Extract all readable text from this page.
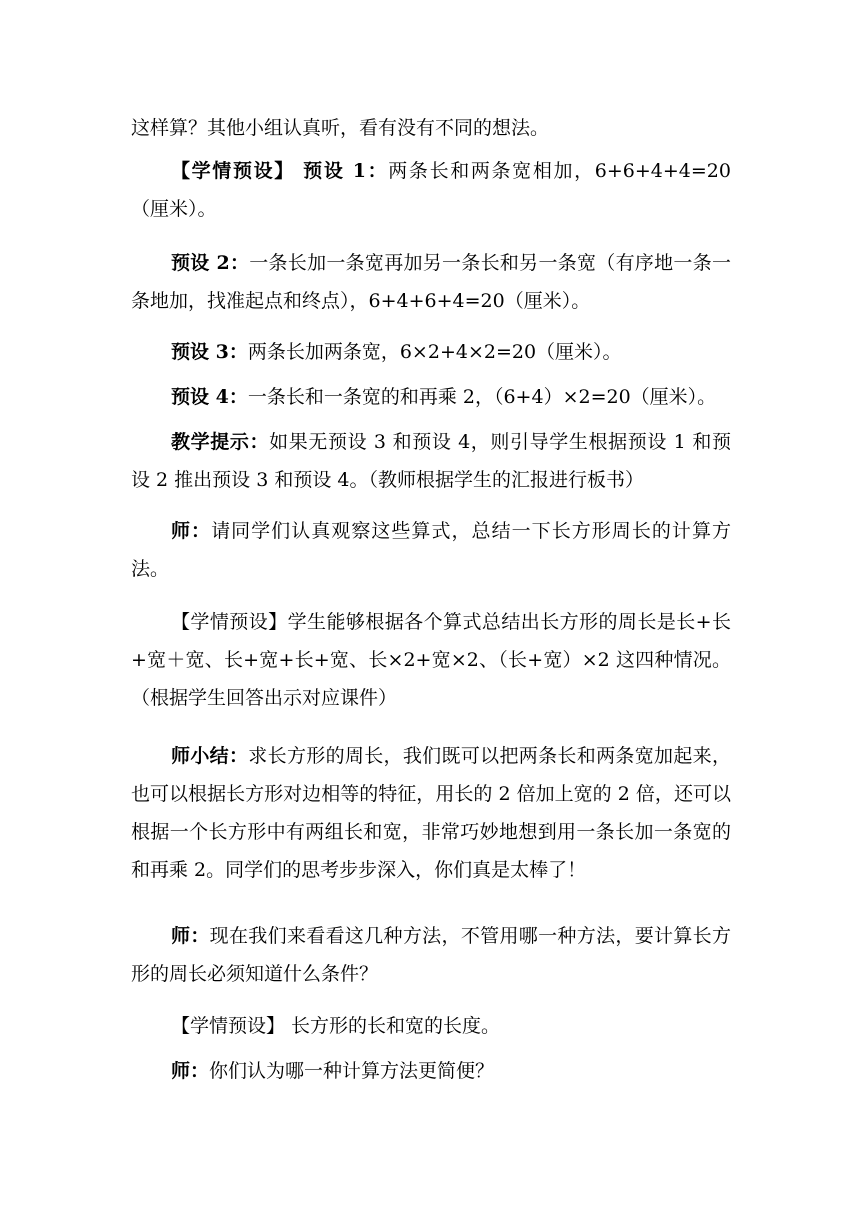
这样算？其他小组认真听，看有没有不同的想法。

【学情预设】 预设 1：两条长和两条宽相加，6+6+4+4=20（厘米）。

预设 2：一条长加一条宽再加另一条长和另一条宽（有序地一条一条地加，找准起点和终点），6+4+6+4=20（厘米）。

预设 3：两条长加两条宽，6×2+4×2=20（厘米）。

预设 4：一条长和一条宽的和再乘 2，（6+4）×2=20（厘米）。

教学提示：如果无预设 3 和预设 4，则引导学生根据预设 1 和预设 2 推出预设 3 和预设 4。（教师根据学生的汇报进行板书）

师：请同学们认真观察这些算式，总结一下长方形周长的计算方法。

【学情预设】学生能够根据各个算式总结出长方形的周长是长+长+宽＋宽、长+宽+长+宽、长×2+宽×2、（长+宽）×2 这四种情况。（根据学生回答出示对应课件）

师小结：求长方形的周长，我们既可以把两条长和两条宽加起来，也可以根据长方形对边相等的特征，用长的 2 倍加上宽的 2 倍，还可以根据一个长方形中有两组长和宽，非常巧妙地想到用一条长加一条宽的和再乘 2。同学们的思考步步深入，你们真是太棒了！

师：现在我们来看看这几种方法，不管用哪一种方法，要计算长方形的周长必须知道什么条件？

【学情预设】 长方形的长和宽的长度。

师：你们认为哪一种计算方法更简便？
